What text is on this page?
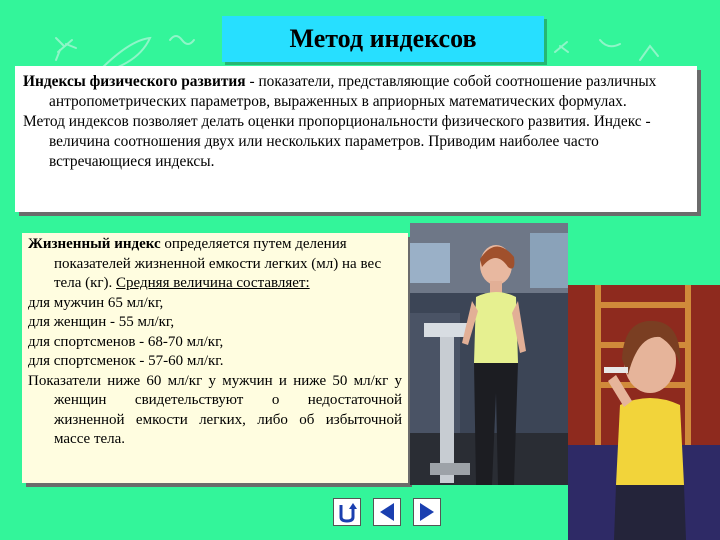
Метод индексов

Индексы физического развития - показатели, представляющие собой соотношение различных антропометрических параметров, выраженных в априорных математических формулах.

Метод индексов позволяет делать оценки пропорциональности физического развития. Индекс - величина соотношения двух или нескольких параметров. Приводим наиболее часто встречающиеся индексы.

Жизненный индекс определяется путем деления показателей жизненной емкости легких (мл) на вес тела (кг). Средняя величина составляет:

для мужчин 65 мл/кг,

для женщин - 55 мл/кг,

для спортсменов - 68-70 мл/кг,

для спортсменок - 57-60 мл/кг.

Показатели ниже 60 мл/кг у мужчин и ниже 50 мл/кг у женщин свидетельствуют о недостаточной жизненной емкости легких, либо об избыточной массе тела.
